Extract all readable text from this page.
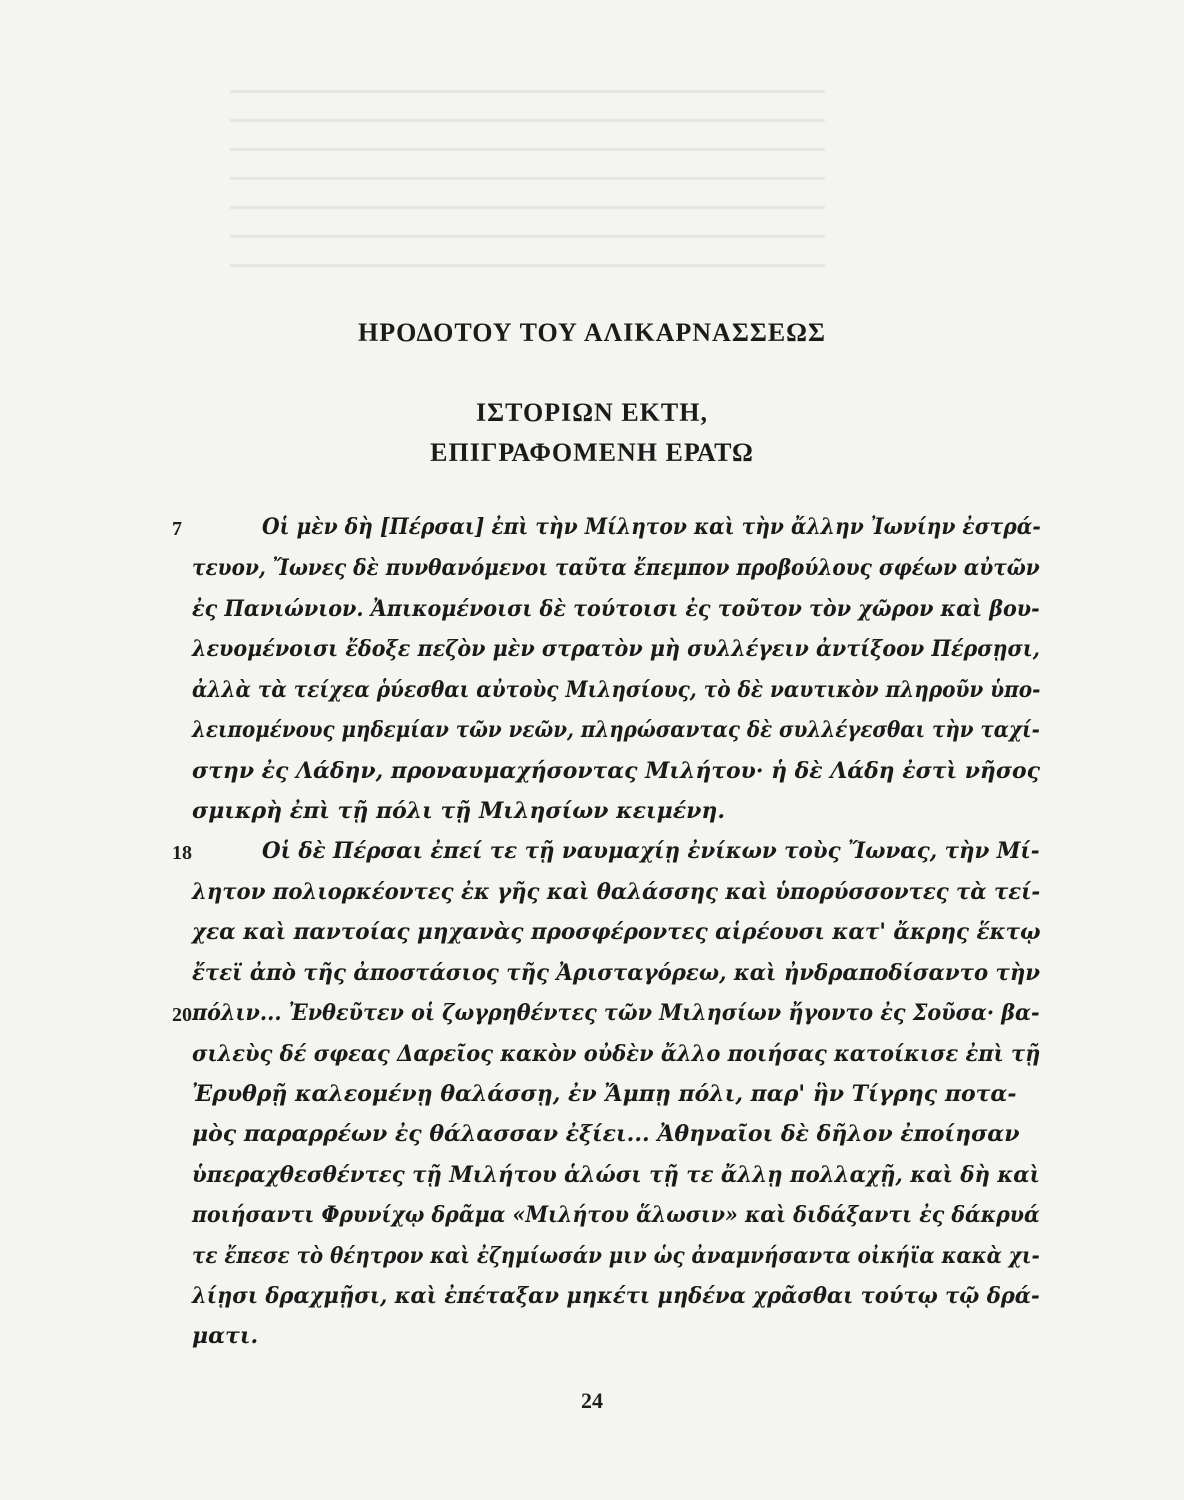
━━━━━━━━━━━━━━━━━━━━━━━━━━━━━━━━━━━━━━━━━━━━━━━━━━━━
━━━━━━━━━━━━━━━━━━━━━━━━━━━━━━━━━━━━━━━━━━━━━━━━━━━━
━━━━━━━━━━━━━━━━━━━━━━━━━━━━━━━━━━━━━━━━━━━━━━━━━━━━
━━━━━━━━━━━━━━━━━━━━━━━━━━━━━━━━━━━━━━━━━━━━━━━━━━━━
━━━━━━━━━━━━━━━━━━━━━━━━━━━━━━━━━━━━━━━━━━━━━━━━━━━━
━━━━━━━━━━━━━━━━━━━━━━━━━━━━━━━━━━━━━━━━━━━━━━━━━━━━
━━━━━━━━━━━━━━━━━━━━━━━━━━━━━━━━━━━━━━━━━━━━━━━━━━━━
ΗΡΟΔΟΤΟΥ ΤΟΥ ΑΛΙΚΑΡΝΑΣΣΕΩΣ
ΙΣΤΟΡΙΩΝ ΕΚΤΗ,
ΕΠΙΓΡΑΦΟΜΕΝΗ ΕΡΑΤΩ
7
18
20
Οἱ μὲν δὴ [Πέρσαι] ἐπὶ τὴν Μίλητον καὶ τὴν ἄλλην Ἰωνίην ἐστρά-
τευον, Ἴωνες δὲ πυνθανόμενοι ταῦτα ἔπεμπον προβούλους σφέων αὐτῶν
ἐς Πανιώνιον. Ἀπικομένοισι δὲ τούτοισι ἐς τοῦτον τὸν χῶρον καὶ βου-
λευομένοισι ἔδοξε πεζὸν μὲν στρατὸν μὴ συλλέγειν ἀντίξοον Πέρσῃσι,
ἀλλὰ τὰ τείχεα ῥύεσθαι αὐτοὺς Μιλησίους, τὸ δὲ ναυτικὸν πληροῦν ὑπο-
λειπομένους μηδεμίαν τῶν νεῶν, πληρώσαντας δὲ συλλέγεσθαι τὴν ταχί-
στην ἐς Λάδην, προναυμαχήσοντας Μιλήτου· ἡ δὲ Λάδη ἐστὶ νῆσος
σμικρὴ ἐπὶ τῇ πόλι τῇ Μιλησίων κειμένη.
Οἱ δὲ Πέρσαι ἐπεί τε τῇ ναυμαχίῃ ἐνίκων τοὺς Ἴωνας, τὴν Μί-
λητον πολιορκέοντες ἐκ γῆς καὶ θαλάσσης καὶ ὑπορύσσοντες τὰ τεί-
χεα καὶ παντοίας μηχανὰς προσφέροντες αἱρέουσι κατ' ἄκρης ἕκτῳ
ἔτεϊ ἀπὸ τῆς ἀποστάσιος τῆς Ἀρισταγόρεω, καὶ ἠνδραποδίσαντο τὴν
πόλιν... Ἐνθεῦτεν οἱ ζωγρηθέντες τῶν Μιλησίων ἤγοντο ἐς Σοῦσα· βα-
σιλεὺς δέ σφεας Δαρεῖος κακὸν οὐδὲν ἄλλο ποιήσας κατοίκισε ἐπὶ τῇ
Ἐρυθρῇ καλεομένῃ θαλάσσῃ, ἐν Ἄμπῃ πόλι, παρ' ἣν Τίγρης ποτα-
μὸς παραρρέων ἐς θάλασσαν ἐξίει... Ἀθηναῖοι δὲ δῆλον ἐποίησαν
ὑπεραχθεσθέντες τῇ Μιλήτου ἁλώσι τῇ τε ἄλλῃ πολλαχῇ, καὶ δὴ καὶ
ποιήσαντι Φρυνίχῳ δρᾶμα «Μιλήτου ἅλωσιν» καὶ διδάξαντι ἐς δάκρυά
τε ἔπεσε τὸ θέητρον καὶ ἐζημίωσάν μιν ὡς ἀναμνήσαντα οἰκήϊα κακὰ χι-
λίῃσι δραχμῇσι, καὶ ἐπέταξαν μηκέτι μηδένα χρᾶσθαι τούτῳ τῷ δρά-
ματι.
24
